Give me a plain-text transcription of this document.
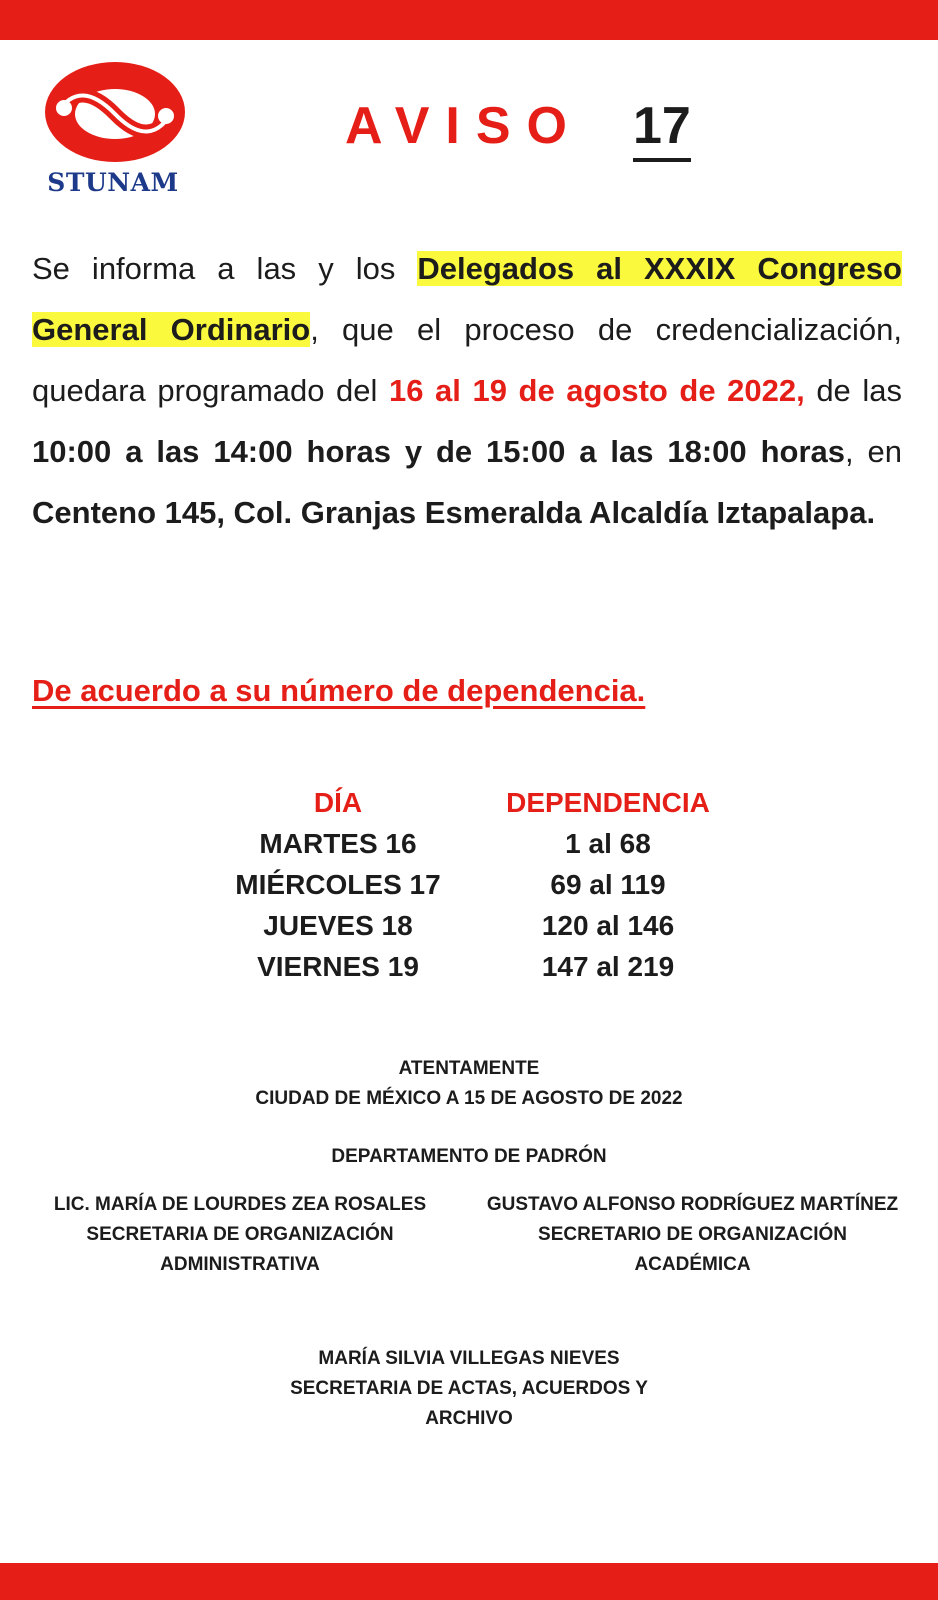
STUNAM
AVISO 17
Se informa a las y los Delegados al XXXIX Congreso General Ordinario, que el proceso de credencialización, quedara programado del 16 al 19 de agosto de 2022, de las 10:00 a las 14:00 horas y de 15:00 a las 18:00 horas, en Centeno 145, Col. Granjas Esmeralda Alcaldía Iztapalapa.
De acuerdo a su número de dependencia.
DÍA	DEPENDENCIA
MARTES 16	1 al 68
MIÉRCOLES 17	69 al 119
JUEVES 18	120 al 146
VIERNES 19	147 al 219
ATENTAMENTE
CIUDAD DE MÉXICO A 15 DE AGOSTO DE 2022
DEPARTAMENTO DE PADRÓN
LIC. MARÍA DE LOURDES ZEA ROSALES
SECRETARIA DE ORGANIZACIÓN
ADMINISTRATIVA
GUSTAVO ALFONSO RODRÍGUEZ MARTÍNEZ
SECRETARIO DE ORGANIZACIÓN
ACADÉMICA
MARÍA SILVIA VILLEGAS NIEVES
SECRETARIA DE ACTAS, ACUERDOS Y
ARCHIVO
